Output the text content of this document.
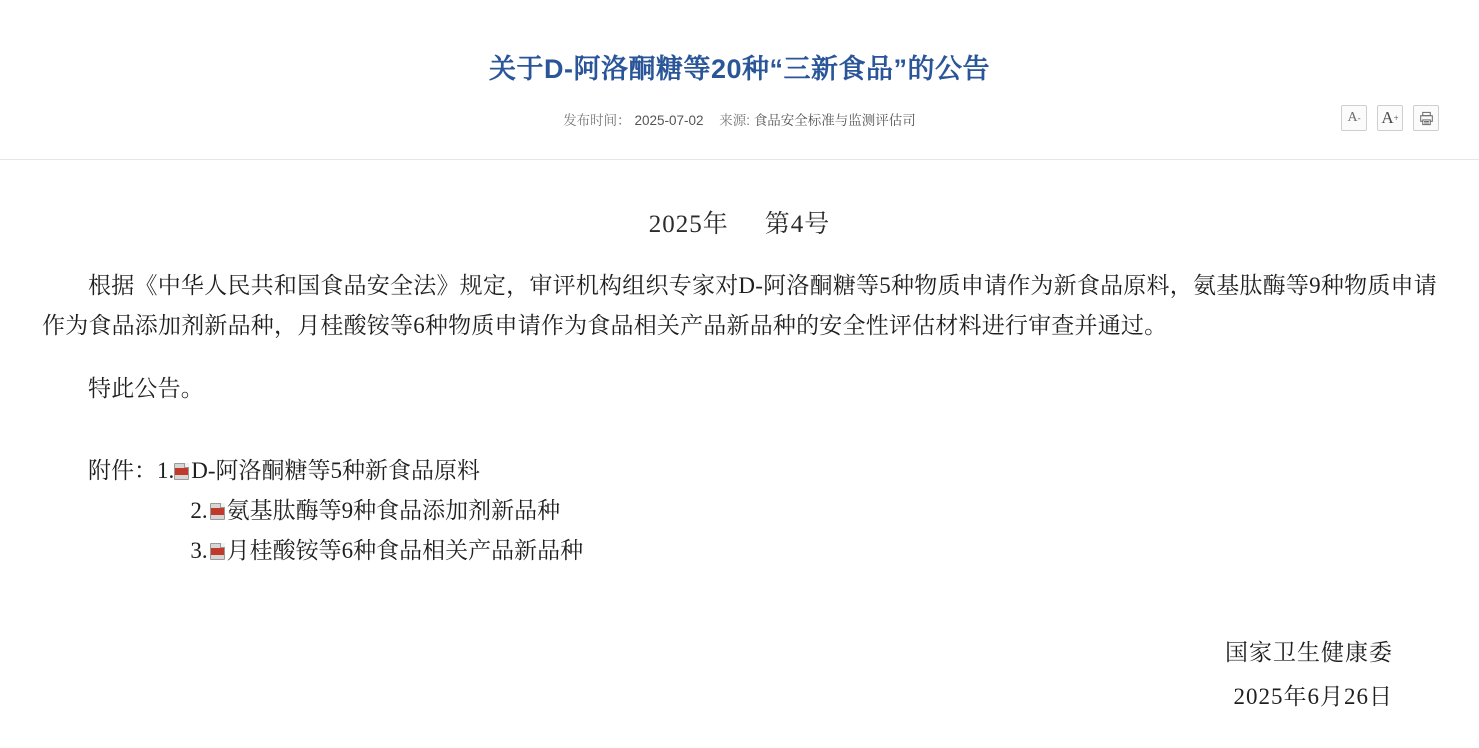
关于D-阿洛酮糖等20种“三新食品”的公告
发布时间： 2025-07-02 来源: 食品安全标准与监测评估司	A - A +
2025年 第4号

根据《中华人民共和国食品安全法》规定，审评机构组织专家对D-阿洛酮糖等5种物质申请作为新食品原料，氨基肽酶等9种物质申请作为食品添加剂新品种，月桂酸铵等6种物质申请作为食品相关产品新品种的安全性评估材料进行审查并通过。

特此公告。

附件：1. D-阿洛酮糖等5种新食品原料
2. 氨基肽酶等9种食品添加剂新品种
3. 月桂酸铵等6种食品相关产品新品种
国家卫生健康委
2025年6月26日
